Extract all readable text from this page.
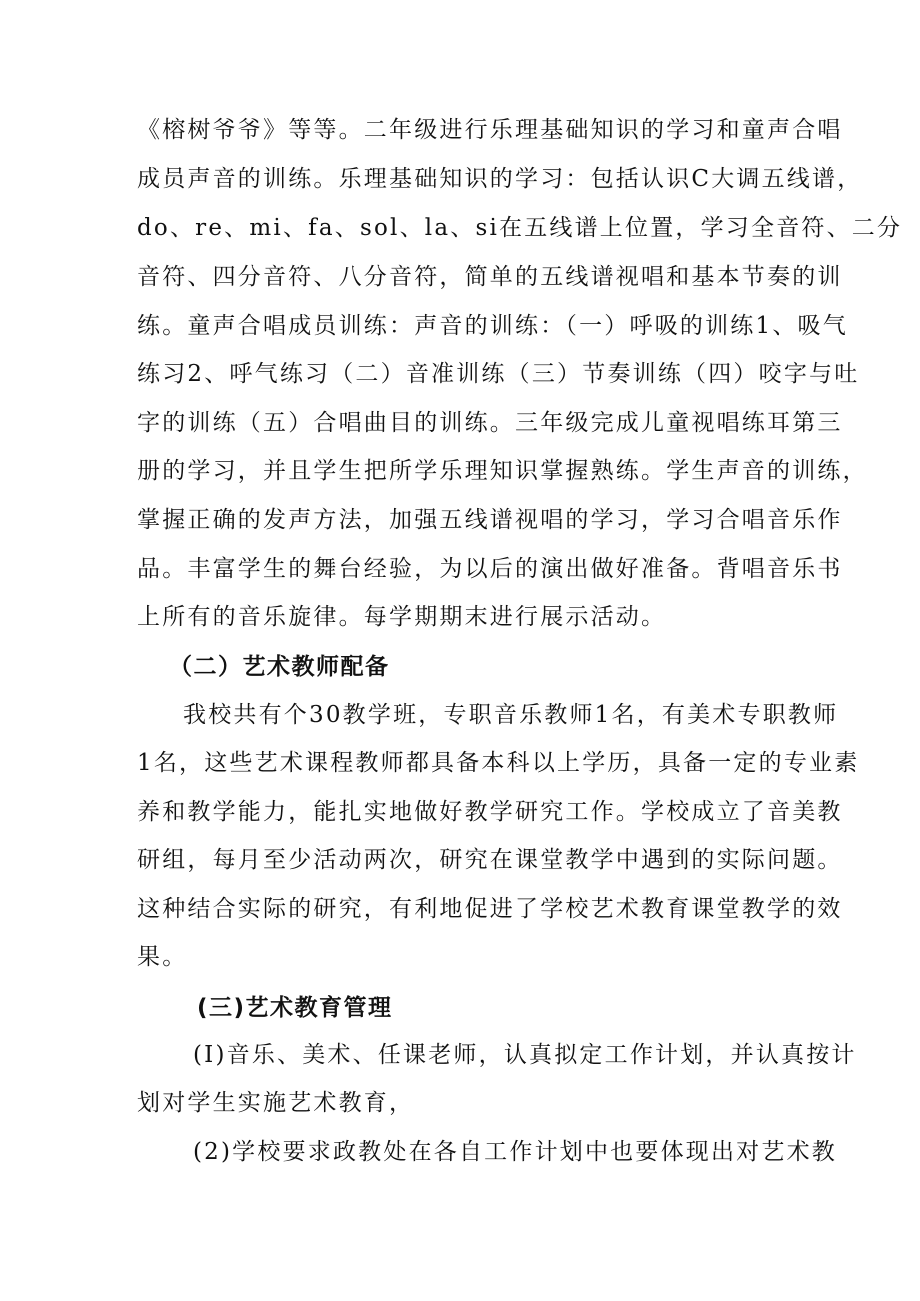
《榕树爷爷》等等。二年级进行乐理基础知识的学习和童声合唱
成员声音的训练。乐理基础知识的学习：包括认识C大调五线谱，
do、re、mi、fa、sol、la、si在五线谱上位置，学习全音符、二分
音符、四分音符、八分音符，简单的五线谱视唱和基本节奏的训
练。童声合唱成员训练：声音的训练：（一）呼吸的训练1、吸气
练习2、呼气练习（二）音准训练（三）节奏训练（四）咬字与吐
字的训练（五）合唱曲目的训练。三年级完成儿童视唱练耳第三
册的学习，并且学生把所学乐理知识掌握熟练。学生声音的训练，
掌握正确的发声方法，加强五线谱视唱的学习，学习合唱音乐作
品。丰富学生的舞台经验，为以后的演出做好准备。背唱音乐书
上所有的音乐旋律。每学期期末进行展示活动。
（二）艺术教师配备
我校共有个30教学班，专职音乐教师1名，有美术专职教师
1名，这些艺术课程教师都具备本科以上学历，具备一定的专业素
养和教学能力，能扎实地做好教学研究工作。学校成立了音美教
研组，每月至少活动两次，研究在课堂教学中遇到的实际问题。
这种结合实际的研究，有利地促进了学校艺术教育课堂教学的效
果。
(三)艺术教育管理
(I)音乐、美术、任课老师，认真拟定工作计划，并认真按计
划对学生实施艺术教育，
(2)学校要求政教处在各自工作计划中也要体现出对艺术教
